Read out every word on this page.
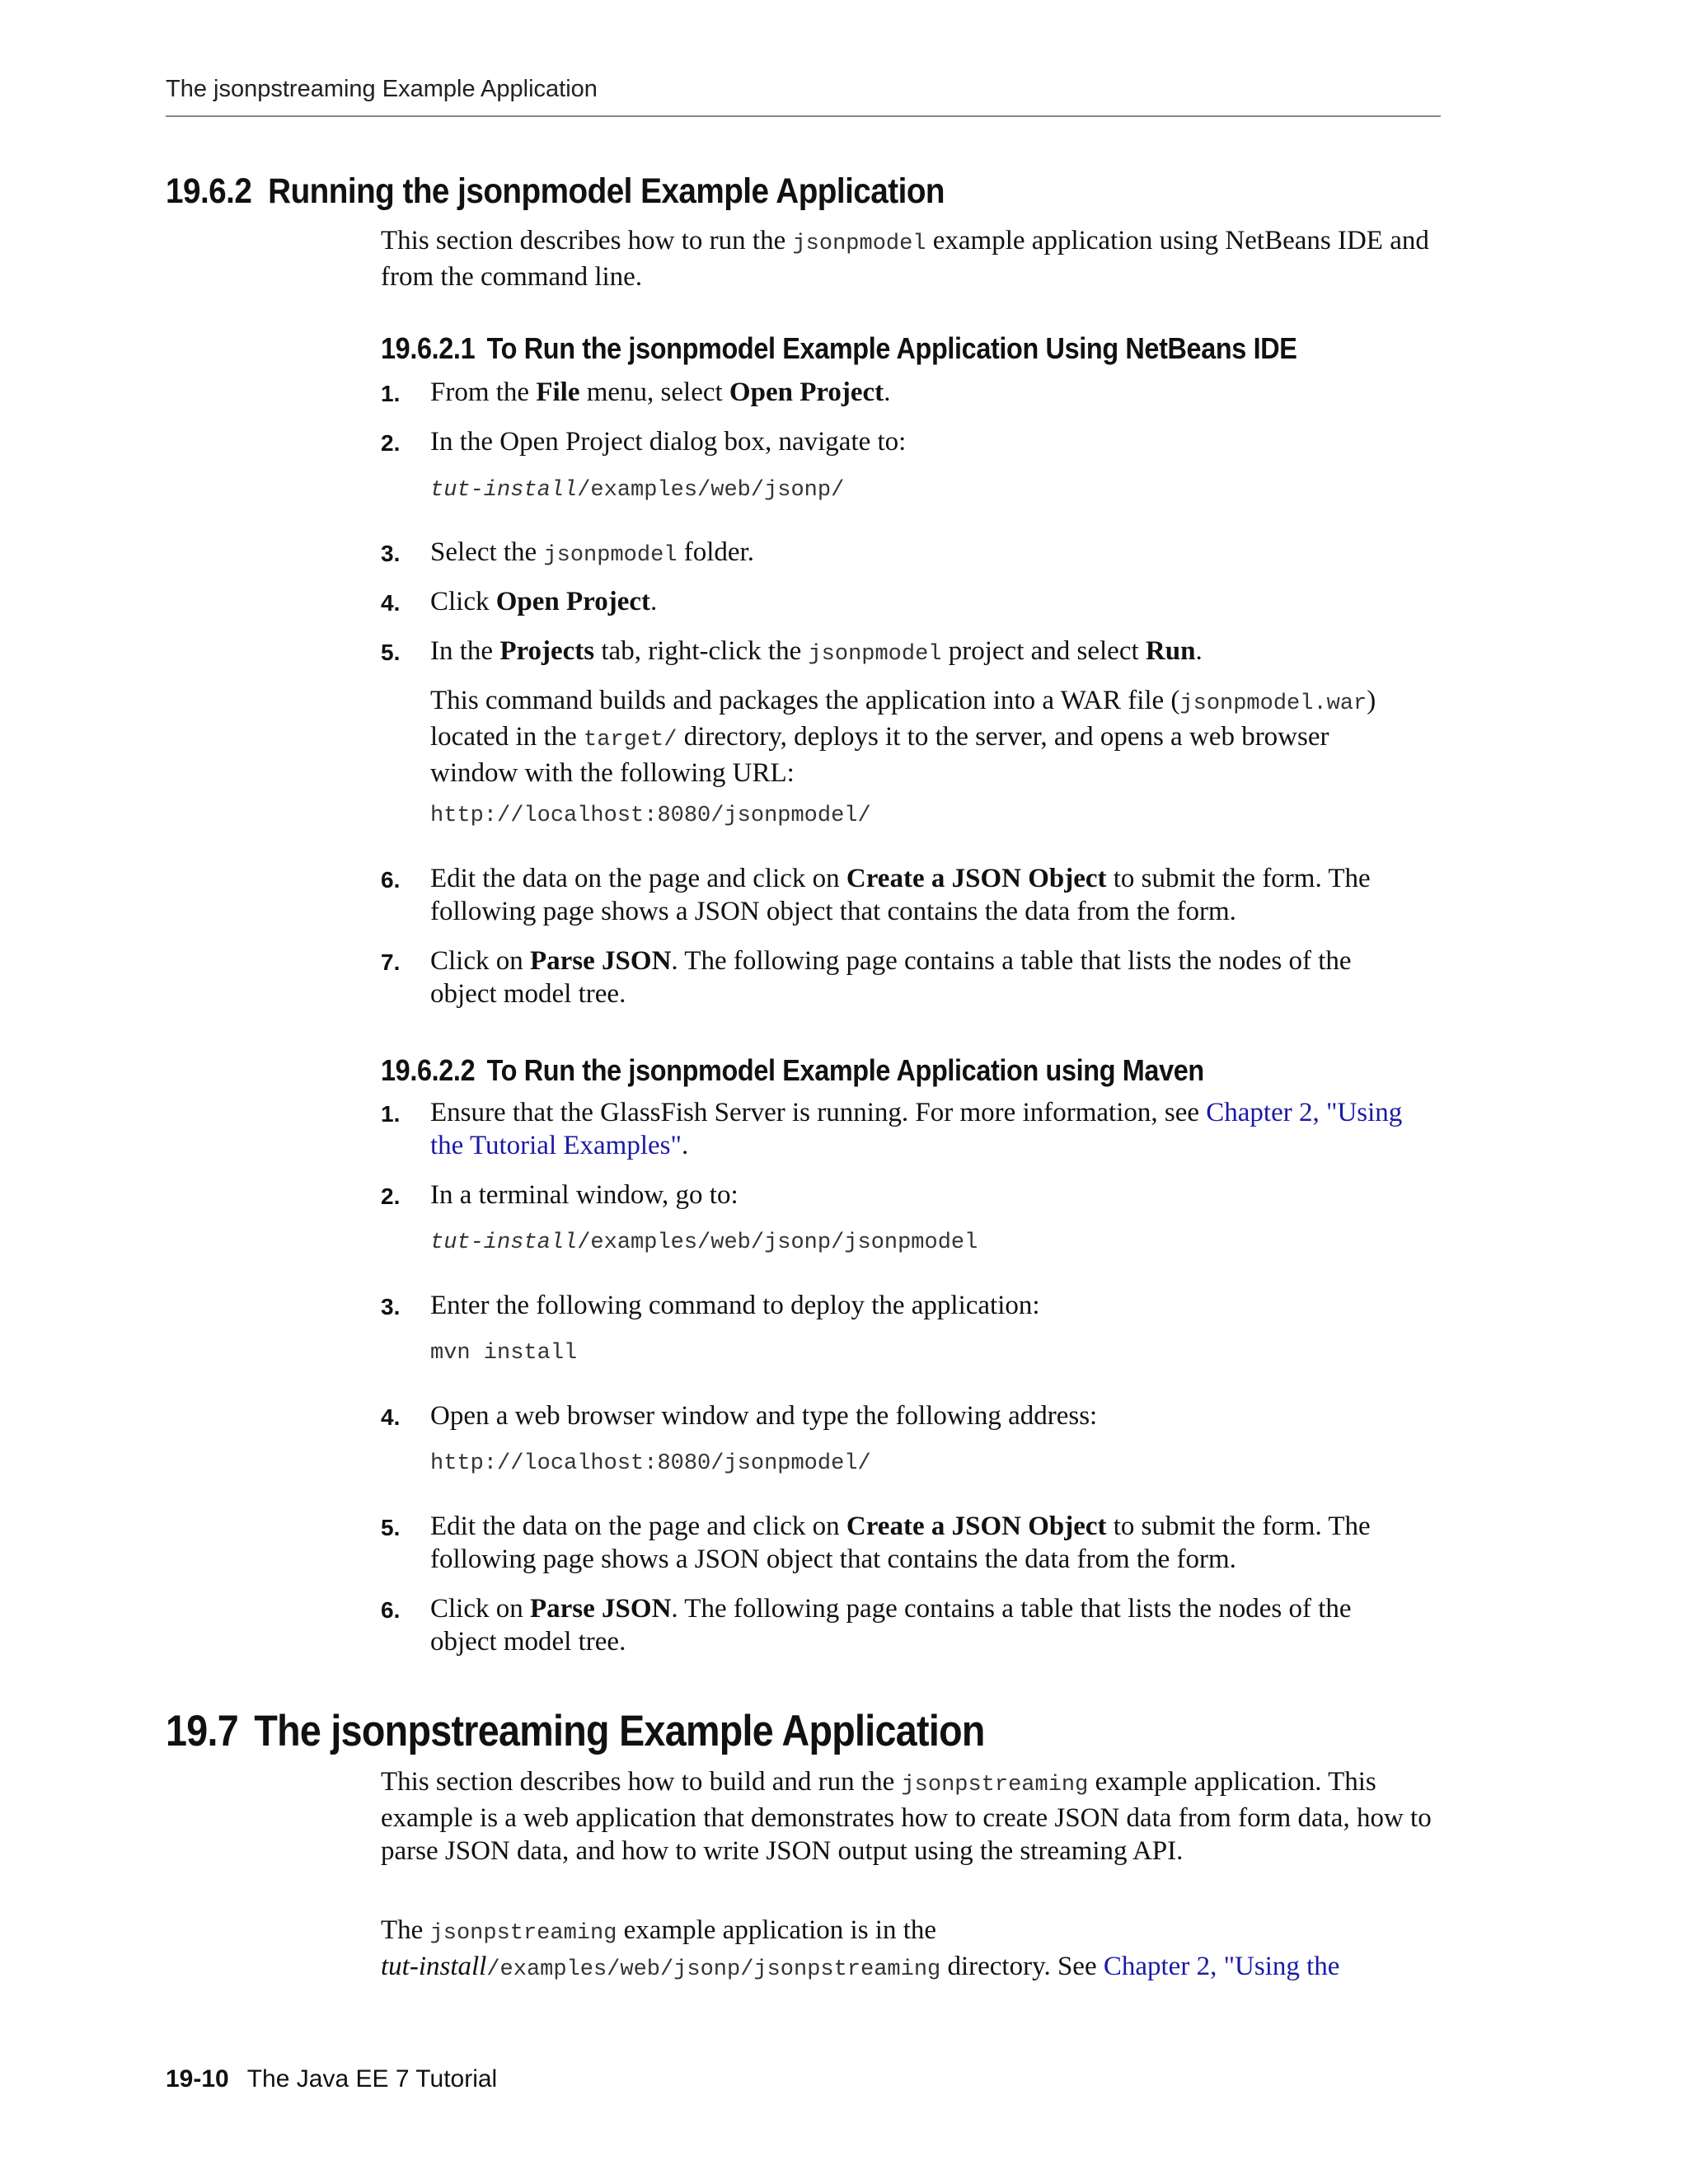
The jsonpstreaming Example Application
19.6.2 Running the jsonpmodel Example Application

This section describes how to run the jsonpmodel example application using NetBeans IDE and from the command line.

19.6.2.1 To Run the jsonpmodel Example Application Using NetBeans IDE
1.	From the File menu, select Open Project.
2.	In the Open Project dialog box, navigate to:
tut-install/examples/web/jsonp/
3.	Select the jsonpmodel folder.
4.	Click Open Project.
5.	In the Projects tab, right-click the jsonpmodel project and select Run.

This command builds and packages the application into a WAR file (jsonpmodel.war) located in the target/ directory, deploys it to the server, and opens a web browser window with the following URL:

http://localhost:8080/jsonpmodel/
6.	Edit the data on the page and click on Create a JSON Object to submit the form. The following page shows a JSON object that contains the data from the form.
7.	Click on Parse JSON. The following page contains a table that lists the nodes of the object model tree.
19.6.2.2 To Run the jsonpmodel Example Application using Maven
1.	Ensure that the GlassFish Server is running. For more information, see Chapter 2, "Using the Tutorial Examples".
2.	In a terminal window, go to:
tut-install/examples/web/jsonp/jsonpmodel
3.	Enter the following command to deploy the application:
mvn install
4.	Open a web browser window and type the following address:
http://localhost:8080/jsonpmodel/
5.	Edit the data on the page and click on Create a JSON Object to submit the form. The following page shows a JSON object that contains the data from the form.
6.	Click on Parse JSON. The following page contains a table that lists the nodes of the object model tree.
19.7 The jsonpstreaming Example Application

This section describes how to build and run the jsonpstreaming example application. This example is a web application that demonstrates how to create JSON data from form data, how to parse JSON data, and how to write JSON output using the streaming API.

The jsonpstreaming example application is in the
tut-install/examples/web/jsonp/jsonpstreaming directory. See Chapter 2, "Using the

19-10 The Java EE 7 Tutorial
